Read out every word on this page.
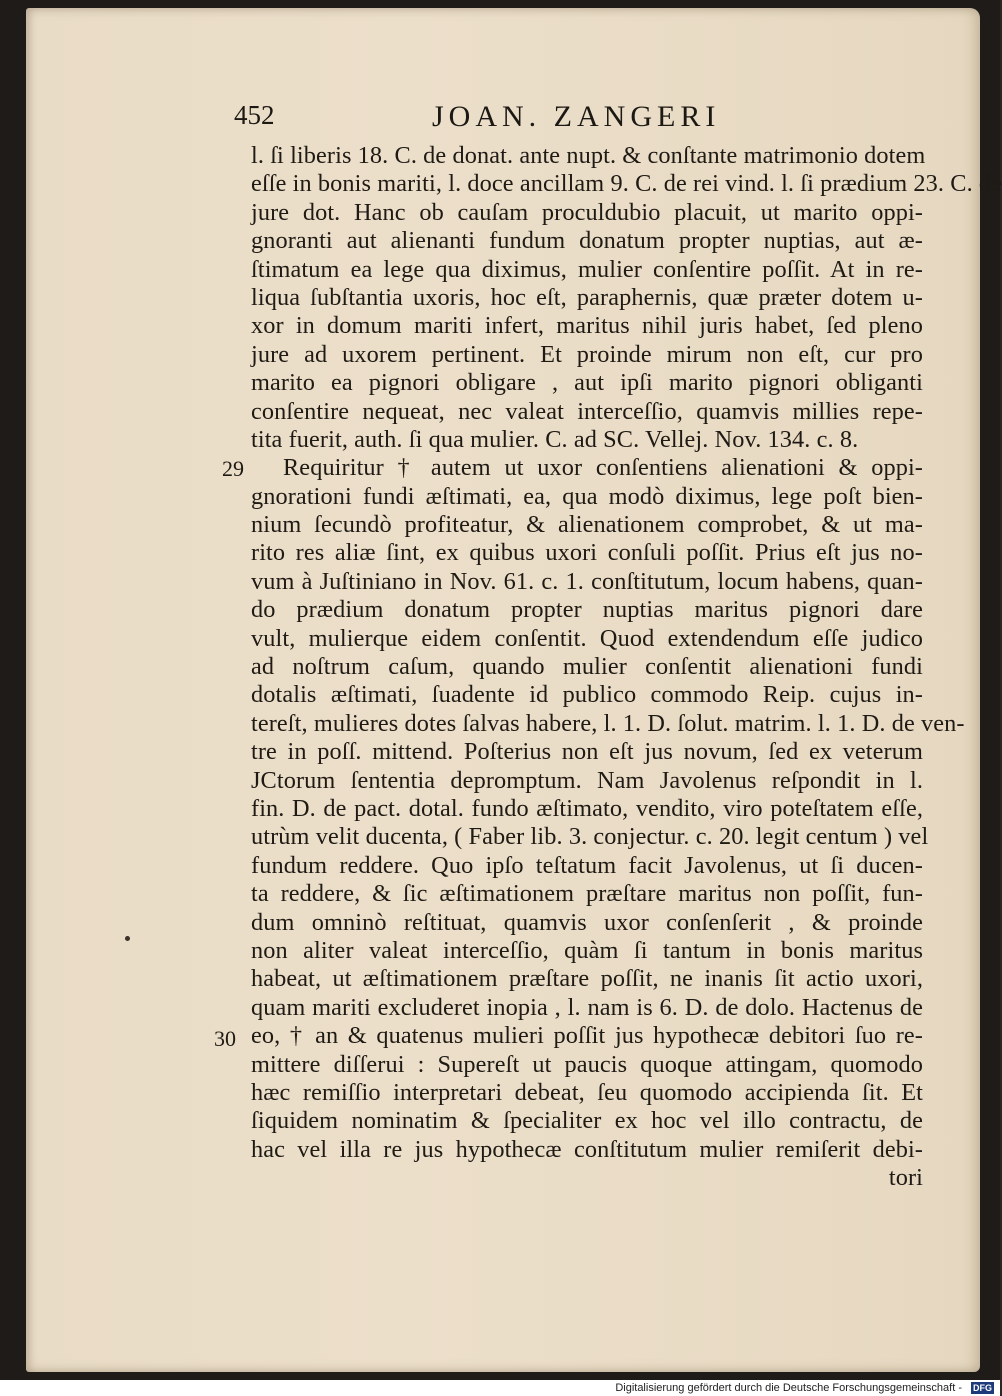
452	JOAN. ZANGERI
29
30
l. ſi liberis 18. C. de donat. ante nupt. & conſtante matrimonio dotem
eſſe in bonis mariti, l. doce ancillam 9. C. de rei vind. l. ſi prædium 23. C. de
jure dot. Hanc ob cauſam proculdubio placuit, ut marito oppi-
gnoranti aut alienanti fundum donatum propter nuptias, aut æ-
ſtimatum ea lege qua diximus, mulier conſentire poſſit. At in re-
liqua ſubſtantia uxoris, hoc eſt, paraphernis, quæ præter dotem u-
xor in domum mariti infert, maritus nihil juris habet, ſed pleno
jure ad uxorem pertinent. Et proinde mirum non eſt, cur pro
marito ea pignori obligare , aut ipſi marito pignori obliganti
conſentire nequeat, nec valeat interceſſio, quamvis millies repe-
tita fuerit, auth. ſi qua mulier. C. ad SC. Vellej. Nov. 134. c. 8.
Requiritur † autem ut uxor conſentiens alienationi & oppi-
gnorationi fundi æſtimati, ea, qua modò diximus, lege poſt bien-
nium ſecundò profiteatur, & alienationem comprobet, & ut ma-
rito res aliæ ſint, ex quibus uxori conſuli poſſit. Prius eſt jus no-
vum à Juſtiniano in Nov. 61. c. 1. conſtitutum, locum habens, quan-
do prædium donatum propter nuptias maritus pignori dare
vult, mulierque eidem conſentit. Quod extendendum eſſe judico
ad noſtrum caſum, quando mulier conſentit alienationi fundi
dotalis æſtimati, ſuadente id publico commodo Reip. cujus in-
tereſt, mulieres dotes ſalvas habere, l. 1. D. ſolut. matrim. l. 1. D. de ven-
tre in poſſ. mittend. Poſterius non eſt jus novum, ſed ex veterum
JCtorum ſententia depromptum. Nam Javolenus reſpondit in l.
fin. D. de pact. dotal. fundo æſtimato, vendito, viro poteſtatem eſſe,
utrùm velit ducenta, ( Faber lib. 3. conjectur. c. 20. legit centum ) vel
fundum reddere. Quo ipſo teſtatum facit Javolenus, ut ſi ducen-
ta reddere, & ſic æſtimationem præſtare maritus non poſſit, fun-
dum omninò reſtituat, quamvis uxor conſenſerit , & proinde
non aliter valeat interceſſio, quàm ſi tantum in bonis maritus
habeat, ut æſtimationem præſtare poſſit, ne inanis ſit actio uxori,
quam mariti excluderet inopia , l. nam is 6. D. de dolo. Hactenus de
eo, † an & quatenus mulieri poſſit jus hypothecæ debitori ſuo re-
mittere diſſerui : Supereſt ut paucis quoque attingam, quomodo
hæc remiſſio interpretari debeat, ſeu quomodo accipienda ſit. Et
ſiquidem nominatim & ſpecialiter ex hoc vel illo contractu, de
hac vel illa re jus hypothecæ conſtitutum mulier remiſerit debi-
tori
Digitalisierung gefördert durch die Deutsche Forschungsgemeinschaft - DFG
